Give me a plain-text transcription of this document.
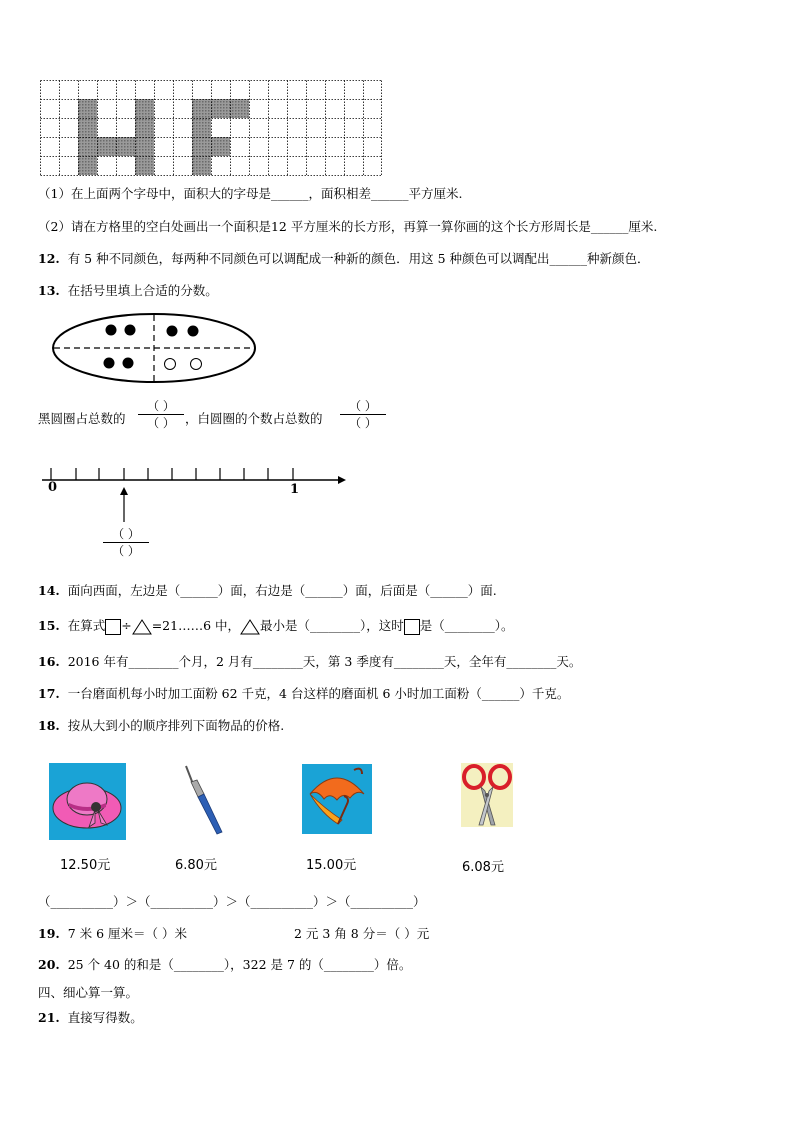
（1）在上面两个字母中，面积大的字母是______，面积相差______平方厘米.
（2）请在方格里的空白处画出一个面积是12 平方厘米的长方形，再算一算你画的这个长方形周长是______厘米.
12. 有 5 种不同颜色，每两种不同颜色可以调配成一种新的颜色．用这 5 种颜色可以调配出______种新颜色．
13. 在括号里填上合适的分数。
黑圆圈占总数的
（ ）
（ ） ，白圆圈的个数占总数的
（ ）
（ ）
0	1
（ ）
（ ）
14. 面向西面，左边是（______）面，右边是（______）面，后面是（______）面.
15. 在算式 ÷ =21……6 中， 最小是（________），这时 是（________）。
16. 2016 年有________个月，2 月有________天，第 3 季度有________天，全年有________天。
17. 一台磨面机每小时加工面粉 62 千克，4 台这样的磨面机 6 小时加工面粉（______）千克。
18. 按从大到小的顺序排列下面物品的价格.
12.50元	6.80元	15.00元	6.08元
（__________）＞（__________）＞（__________）＞（__________）
19. 7 米 6 厘米＝（ ）米	2 元 3 角 8 分＝（ ）元
20. 25 个 40 的和是（________），322 是 7 的（________）倍。
四、细心算一算。
21. 直接写得数。
